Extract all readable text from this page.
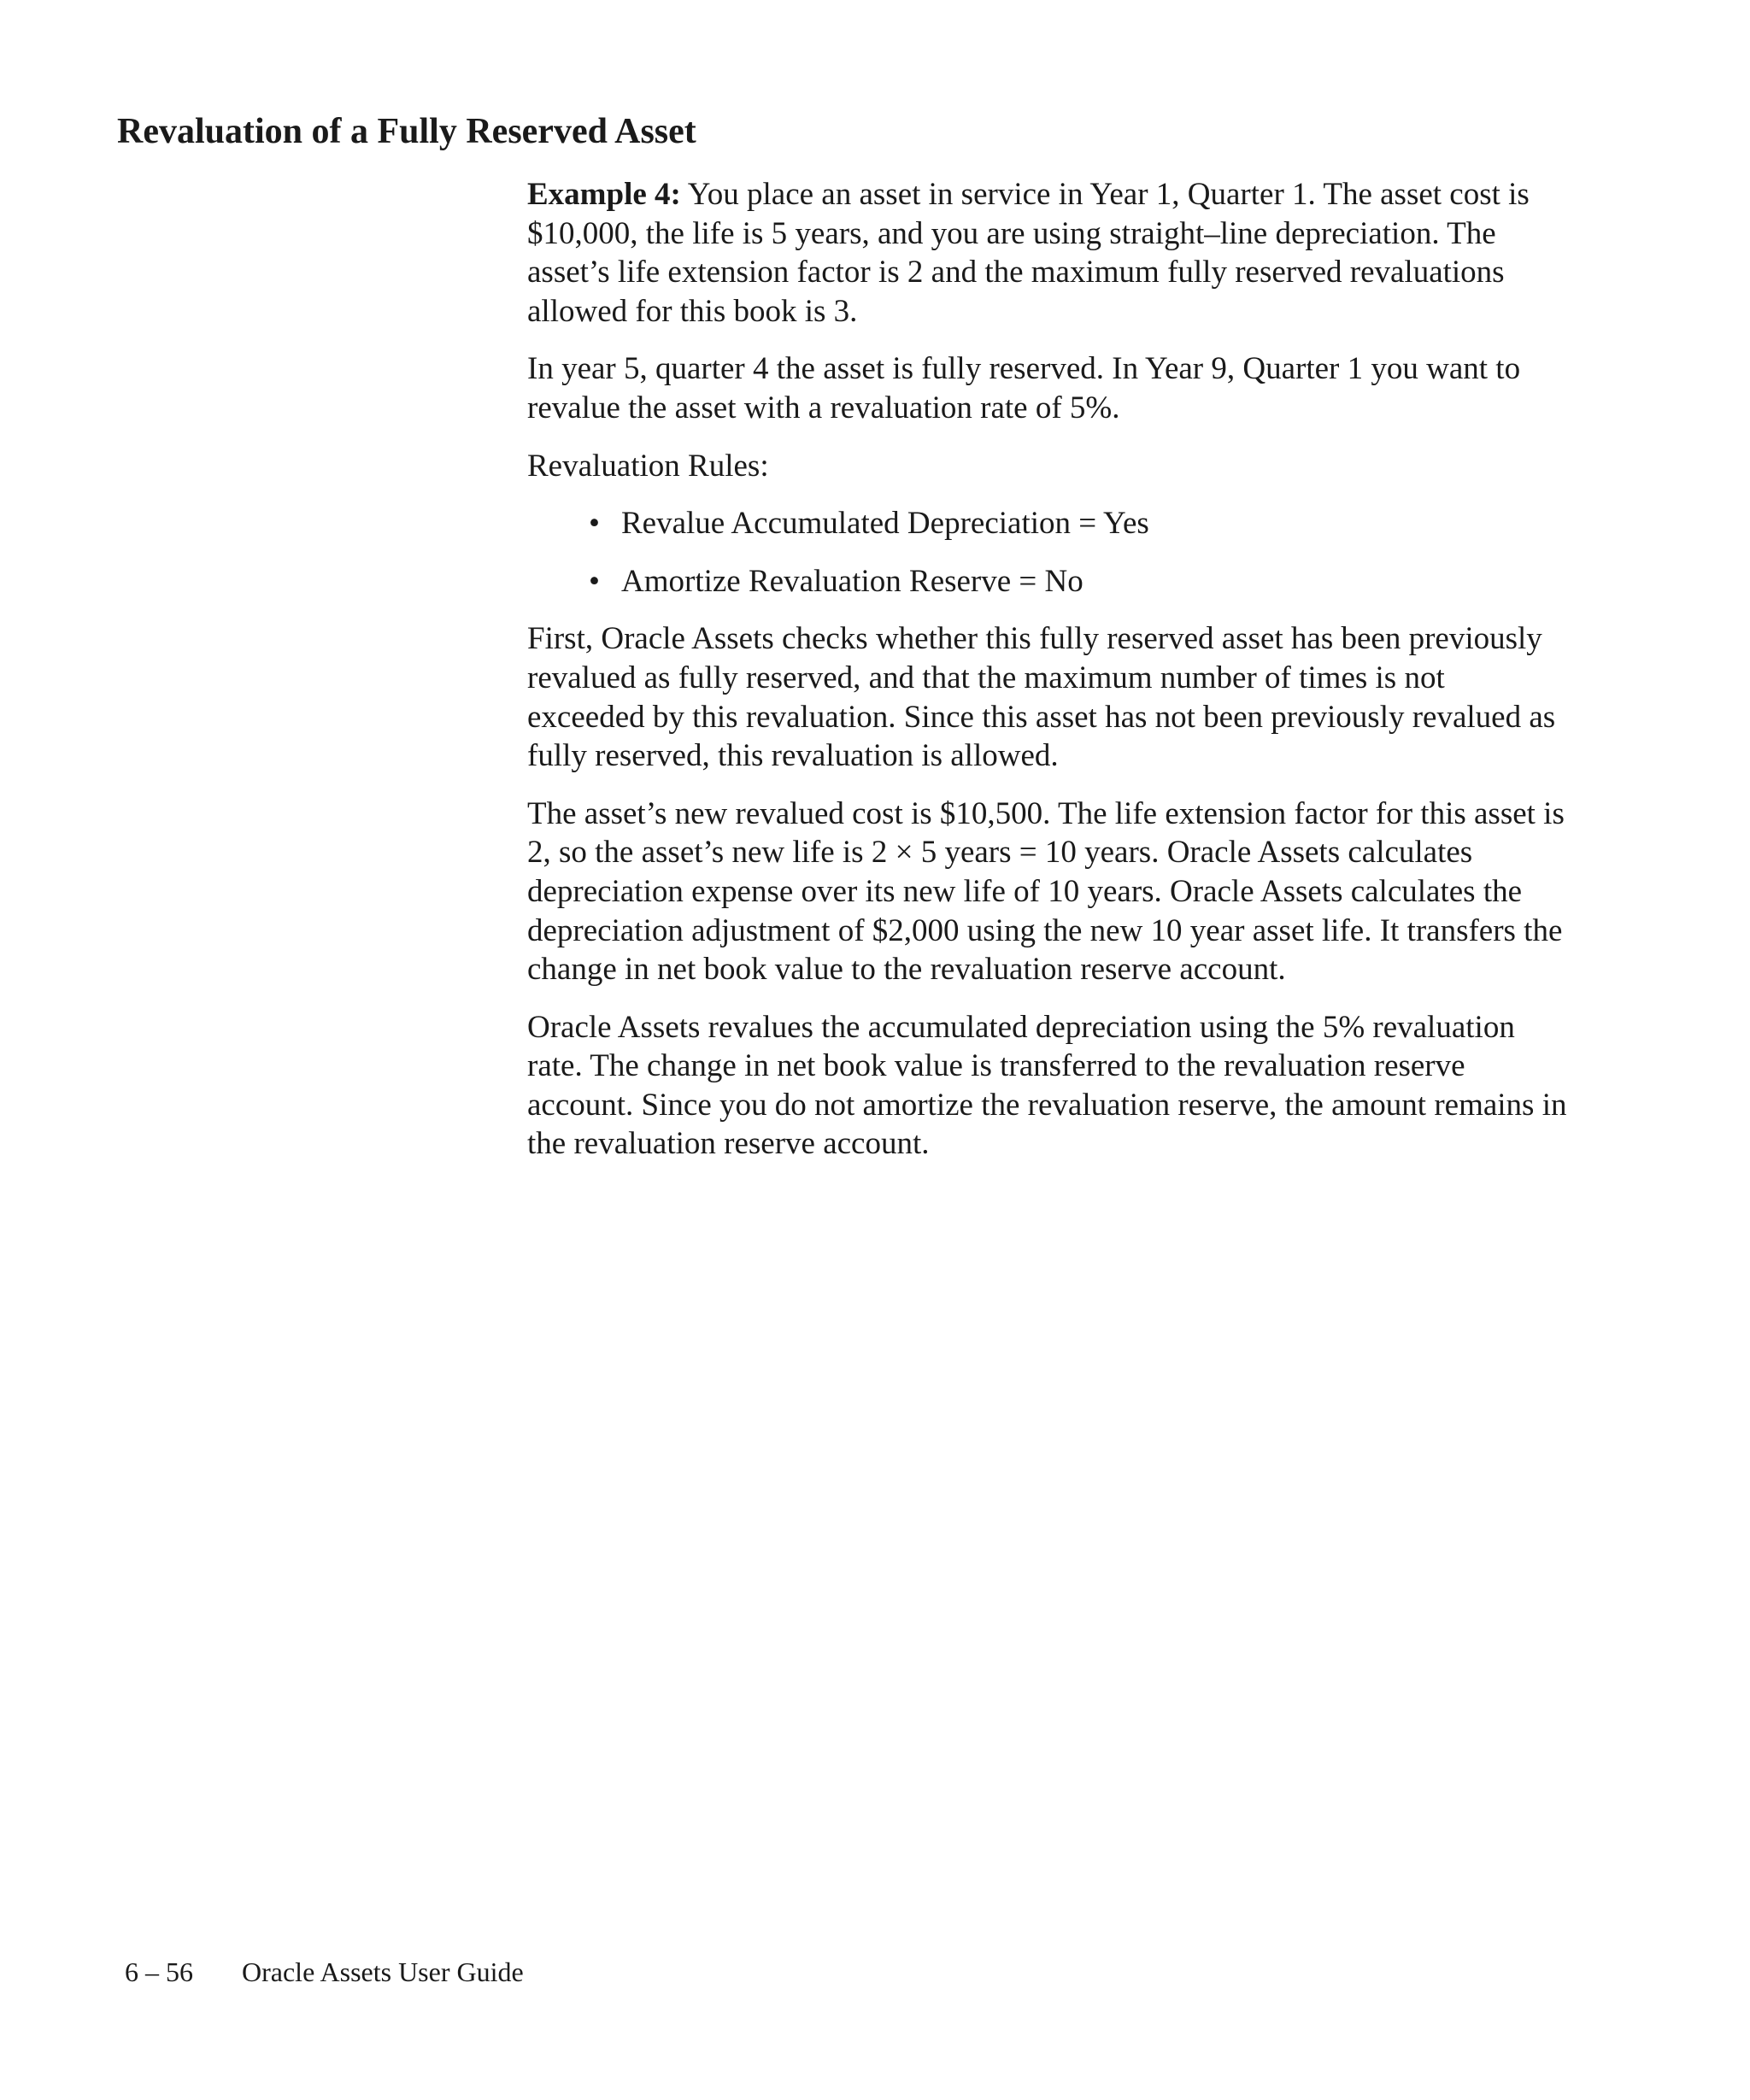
Revaluation of a Fully Reserved Asset

Example 4: You place an asset in service in Year 1, Quarter 1. The asset cost is $10,000, the life is 5 years, and you are using straight–line depreciation. The asset’s life extension factor is 2 and the maximum fully reserved revaluations allowed for this book is 3.

In year 5, quarter 4 the asset is fully reserved. In Year 9, Quarter 1 you want to revalue the asset with a revaluation rate of 5%.

Revaluation Rules:

• Revalue Accumulated Depreciation = Yes
• Amortize Revaluation Reserve = No

First, Oracle Assets checks whether this fully reserved asset has been previously revalued as fully reserved, and that the maximum number of times is not exceeded by this revaluation. Since this asset has not been previously revalued as fully reserved, this revaluation is allowed.

The asset’s new revalued cost is $10,500. The life extension factor for this asset is 2, so the asset’s new life is 2 × 5 years = 10 years. Oracle Assets calculates depreciation expense over its new life of 10 years. Oracle Assets calculates the depreciation adjustment of $2,000 using the new 10 year asset life. It transfers the change in net book value to the revaluation reserve account.

Oracle Assets revalues the accumulated depreciation using the 5% revaluation rate. The change in net book value is transferred to the revaluation reserve account. Since you do not amortize the revaluation reserve, the amount remains in the revaluation reserve account.

6 – 56 Oracle Assets User Guide
